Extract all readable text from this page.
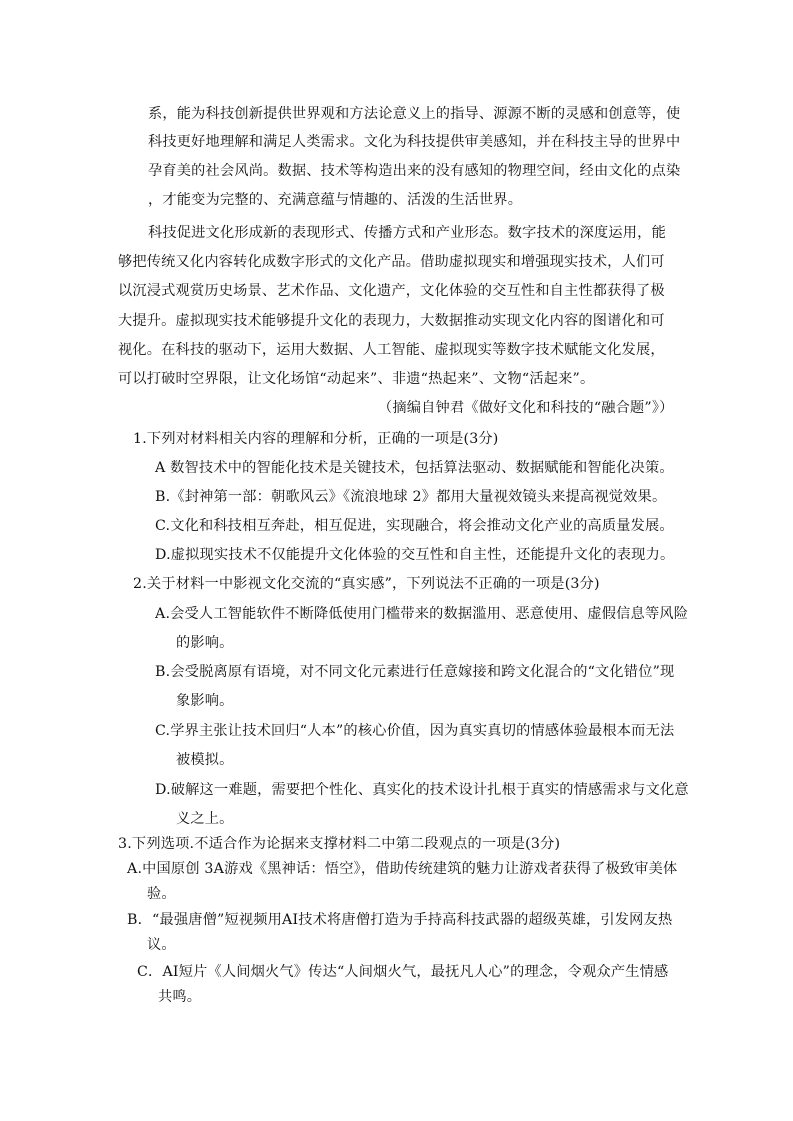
系，能为科技创新提供世界观和方法论意义上的指导、源源不断的灵感和创意等，使
科技更好地理解和满足人类需求。文化为科技提供审美感知，并在科技主导的世界中
孕育美的社会风尚。数据、技术等构造出来的没有感知的物理空间，经由文化的点染
，才能变为完整的、充满意蕴与情趣的、活泼的生活世界。
科技促进文化形成新的表现形式、传播方式和产业形态。数字技术的深度运用，能
够把传统又化内容转化成数字形式的文化产品。借助虚拟现实和增强现实技术，人们可
以沉浸式观赏历史场景、艺术作品、文化遗产，文化体验的交互性和自主性都获得了极
大提升。虚拟现实技术能够提升文化的表现力，大数据推动实现文化内容的图谱化和可
视化。在科技的驱动下，运用大数据、人工智能、虚拟现实等数字技术赋能文化发展，
可以打破时空界限，让文化场馆“动起来”、非遗“热起来”、文物“活起来”。
（摘编自钟君《做好文化和科技的“融合题”》）
1.下列对材料相关内容的理解和分析，正确的一项是(3分)
A 数智技术中的智能化技术是关键技术，包括算法驱动、数据赋能和智能化决策。
B.《封神第一部：朝歌风云》《流浪地球 2》都用大量视效镜头来提高视觉效果。
C.文化和科技相互奔赴，相互促进，实现融合，将会推动文化产业的高质量发展。
D.虚拟现实技术不仅能提升文化体验的交互性和自主性，还能提升文化的表现力。
2.关于材料一中影视文化交流的“真实感”，下列说法不正确的一项是(3分)
A.会受人工智能软件不断降低使用门槛带来的数据滥用、恶意使用、虚假信息等风险
的影响。
B.会受脱离原有语境，对不同文化元素进行任意嫁接和跨文化混合的“文化错位”现
象影响。
C.学界主张让技术回归“人本”的核心价值，因为真实真切的情感体验最根本而无法
被模拟。
D.破解这一难题，需要把个性化、真实化的技术设计扎根于真实的情感需求与文化意
义之上。
3.下列选项.不适合作为论据来支撑材料二中第二段观点的一项是(3分)
A.中国原创 3A游戏《黑神话：悟空》，借助传统建筑的魅力让游戏者获得了极致审美体
验。
B．“最强唐僧”短视频用AI技术将唐僧打造为手持高科技武器的超级英雄，引发网友热
议。
C．AI短片《人间烟火气》传达“人间烟火气，最抚凡人心”的理念，令观众产生情感
共鸣。
